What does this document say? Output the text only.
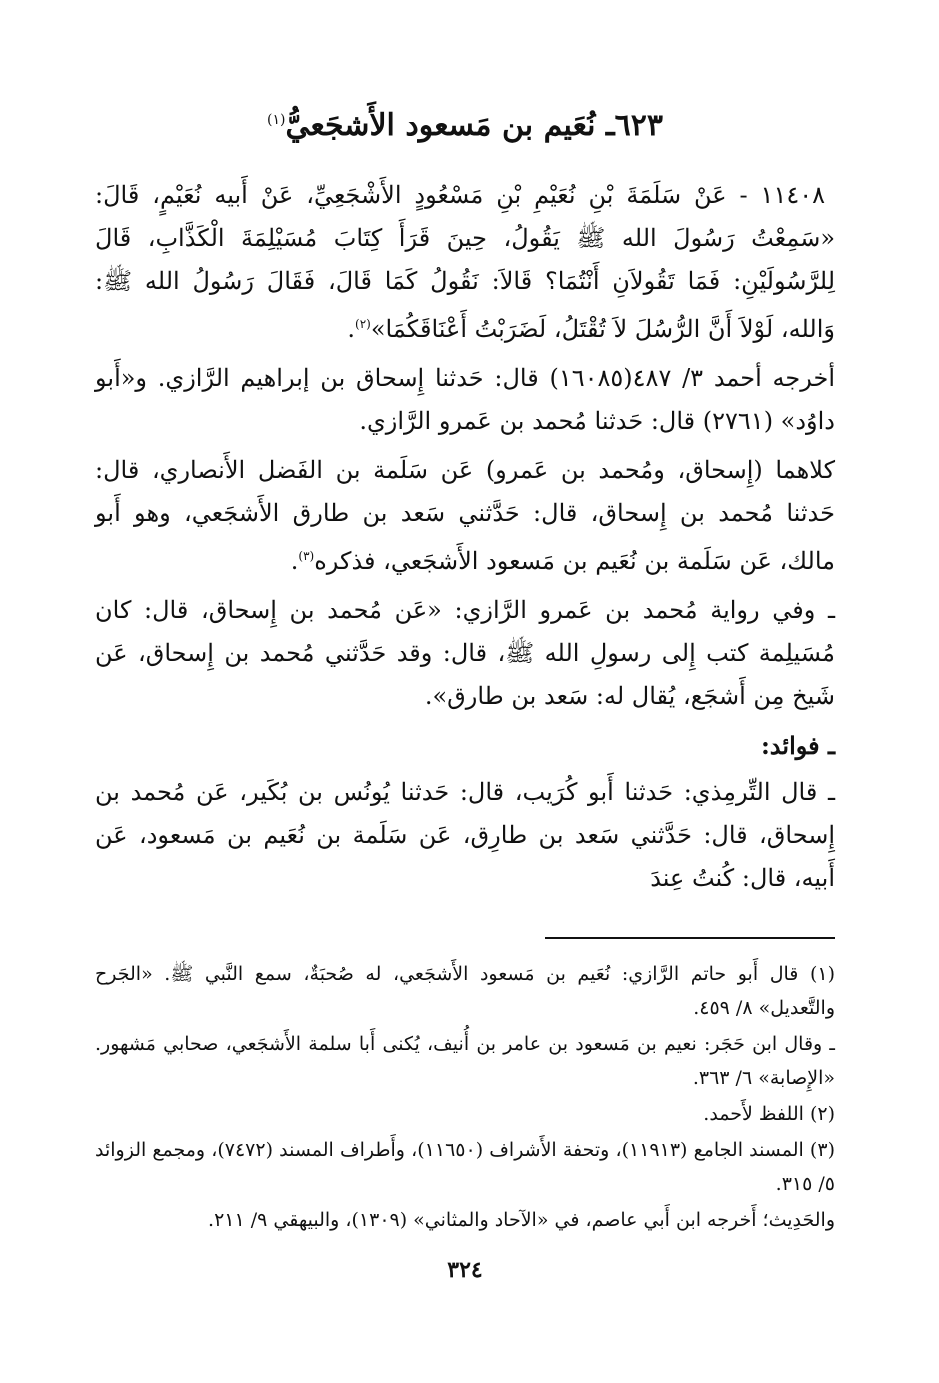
٦٢٣ـ نُعَيم بن مَسعود الأَشجَعيُّ$^{(١)}$

١١٤٠٨ - عَنْ سَلَمَةَ بْنِ نُعَيْمِ بْنِ مَسْعُودٍ الأَشْجَعِيِّ، عَنْ أَبيه نُعَيْمٍ، قَالَ: «سَمِعْتُ رَسُولَ الله ﷺ يَقُولُ، حِينَ قَرَأَ كِتَابَ مُسَيْلِمَةَ الْكَذَّابِ، قَالَ لِلرَّسُولَيْنِ: فَمَا تَقُولاَنِ أَنْتُمَا؟ قَالاَ: نَقُولُ كَمَا قَالَ، فَقَالَ رَسُولُ الله ﷺ: وَالله، لَوْلاَ أَنَّ الرُّسُلَ لاَ تُقْتَلُ، لَضَرَبْتُ أَعْنَاقَكُمَا»$^{(٢)}$.

أخرجه أحمد ٣/ ٤٨٧(١٦٠٨٥) قال: حَدثنا إِسحاق بن إبراهيم الرَّازي. و«أَبو داوُد» (٢٧٦١) قال: حَدثنا مُحمد بن عَمرو الرَّازي.

كلاهما (إِسحاق، ومُحمد بن عَمرو) عَن سَلَمة بن الفَضل الأَنصاري، قال: حَدثنا مُحمد بن إِسحاق، قال: حَدَّثني سَعد بن طارق الأَشجَعي، وهو أَبو مالك، عَن سَلَمة بن نُعَيم بن مَسعود الأَشجَعي، فذكره$^{(٣)}$.

ـ وفي رواية مُحمد بن عَمرو الرَّازي: «عَن مُحمد بن إِسحاق، قال: كان مُسَيلِمة كتب إِلى رسولِ الله ﷺ، قال: وقد حَدَّثني مُحمد بن إِسحاق، عَن شَيخ مِن أَشجَع، يُقال له: سَعد بن طارق».

ـ فوائد:

ـ قال التِّرمِذي: حَدثنا أَبو كُرَيب، قال: حَدثنا يُونُس بن بُكَير، عَن مُحمد بن إِسحاق، قال: حَدَّثني سَعد بن طارِق، عَن سَلَمة بن نُعَيم بن مَسعود، عَن أَبيه، قال: كُنتُ عِندَ

(١) قال أَبو حاتم الرَّازي: نُعَيم بن مَسعود الأَشجَعي، له صُحبَةٌ، سمع النَّبي ﷺ. «الجَرح والتَّعديل» ٨/ ٤٥٩.

ـ وقال ابن حَجَر: نعيم بن مَسعود بن عامر بن أُنيف، يُكنى أَبا سلمة الأَشجَعي، صحابي مَشهور. «الإِصابة» ٦/ ٣٦٣.

(٢) اللفظ لأَحمد.

(٣) المسند الجامع (١١٩١٣)، وتحفة الأَشراف (١١٦٥٠)، وأَطراف المسند (٧٤٧٢)، ومجمع الزوائد ٥/ ٣١٥.

والحَدِيث؛ أَخرجه ابن أَبي عاصم، في «الآحاد والمثاني» (١٣٠٩)، والبيهقي ٩/ ٢١١.

٣٢٤
